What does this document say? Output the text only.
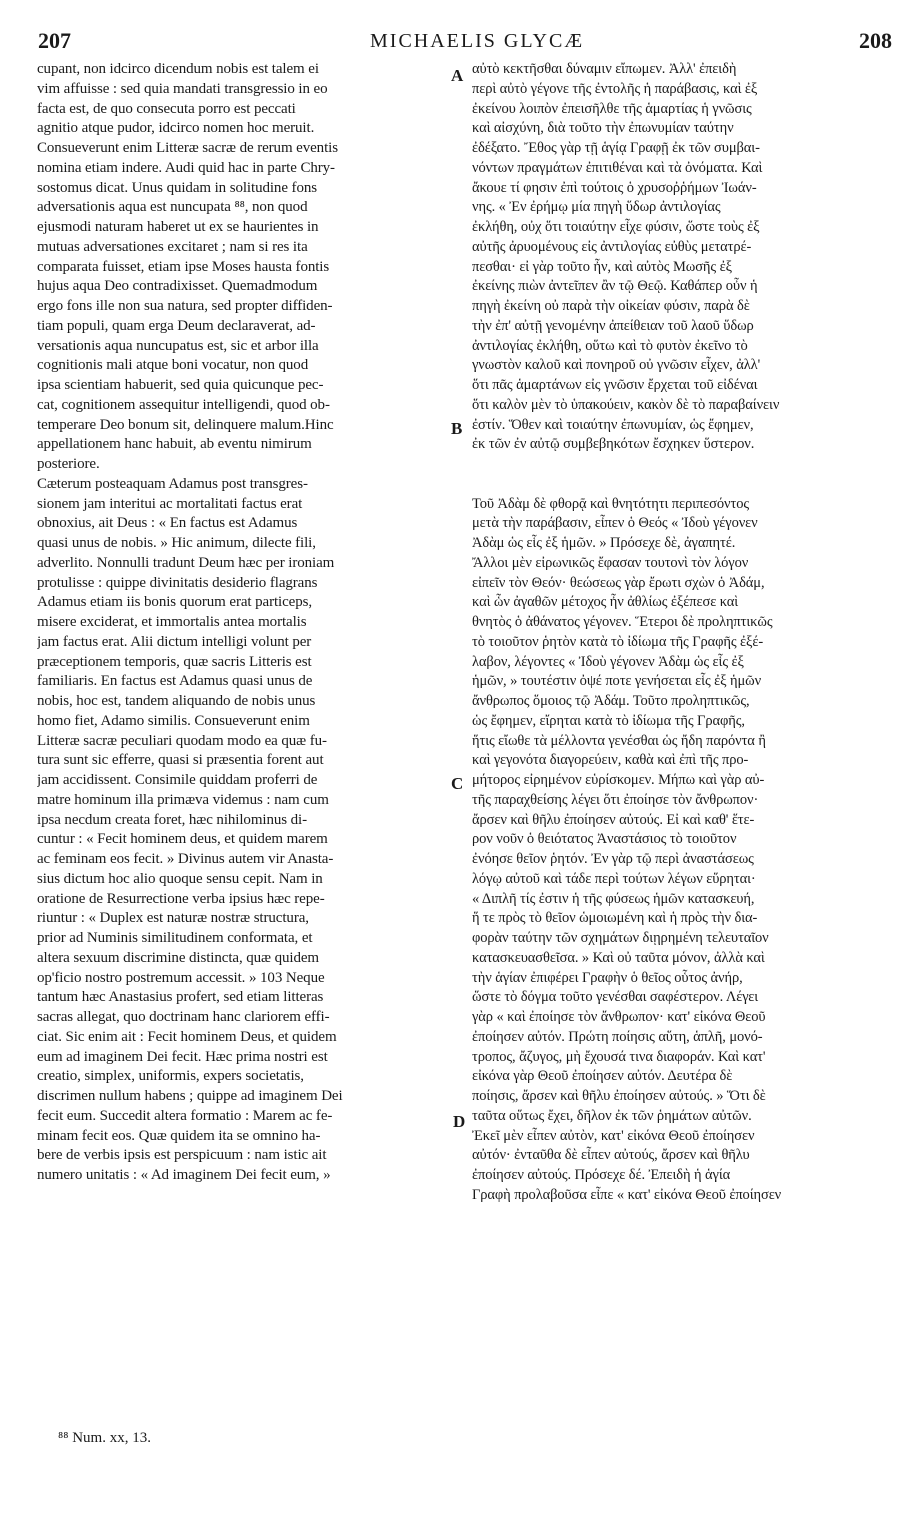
207	MICHAELIS GLYCÆ	208
cupant, non idcirco dicendum nobis est talem ei
vim affuisse : sed quia mandati transgressio in eo
facta est, de quo consecuta porro est peccati
agnitio atque pudor, idcirco nomen hoc meruit.
Consueverunt enim Litteræ sacræ de rerum eventis
nomina etiam indere. Audi quid hac in parte Chry-
sostomus dicat. Unus quidam in solitudine fons
adversationis aqua est nuncupata ⁸⁸, non quod
ejusmodi naturam haberet ut ex se haurientes in
mutuas adversationes excitaret ; nam si res ita
comparata fuisset, etiam ipse Moses hausta fontis
hujus aqua Deo contradixisset. Quemadmodum
ergo fons ille non sua natura, sed propter diffiden-
tiam populi, quam erga Deum declaraverat, ad-
versationis aqua nuncupatus est, sic et arbor illa
cognitionis mali atque boni vocatur, non quod
ipsa scientiam habuerit, sed quia quicunque pec-
cat, cognitionem assequitur intelligendi, quod ob-
temperare Deo bonum sit, delinquere malum.Hinc
appellationem hanc habuit, ab eventu nimirum
posteriore.
Cæterum posteaquam Adamus post transgres-
sionem jam interitui ac mortalitati factus erat
obnoxius, ait Deus : « En factus est Adamus
quasi unus de nobis. » Hic animum, dilecte fili,
adverlito. Nonnulli tradunt Deum hæc per ironiam
protulisse : quippe divinitatis desiderio flagrans
Adamus etiam iis bonis quorum erat particeps,
misere exciderat, et immortalis antea mortalis
jam factus erat. Alii dictum intelligi volunt per
præceptionem temporis, quæ sacris Litteris est
familiaris. En factus est Adamus quasi unus de
nobis, hoc est, tandem aliquando de nobis unus
homo fiet, Adamo similis. Consueverunt enim
Litteræ sacræ peculiari quodam modo ea quæ fu-
tura sunt sic efferre, quasi si præsentia forent aut
jam accidissent. Consimile quiddam proferri de
matre hominum illa primæva videmus : nam cum
ipsa necdum creata foret, hæc nihilominus di-
cuntur : « Fecit hominem deus, et quidem marem
ac feminam eos fecit. » Divinus autem vir Anasta-
sius dictum hoc alio quoque sensu cepit. Nam in
oratione de Resurrectione verba ipsius hæc repe-
riuntur : « Duplex est naturæ nostræ structura,
prior ad Numinis similitudinem conformata, et
altera sexuum discrimine distincta, quæ quidem
op'ficio nostro postremum accessit. » 103 Neque
tantum hæc Anastasius profert, sed etiam litteras
sacras allegat, quo doctrinam hanc clariorem effi-
ciat. Sic enim ait : Fecit hominem Deus, et quidem
eum ad imaginem Dei fecit. Hæc prima nostri est
creatio, simplex, uniformis, expers societatis,
discrimen nullum habens ; quippe ad imaginem Dei
fecit eum. Succedit altera formatio : Marem ac fe-
minam fecit eos. Quæ quidem ita se omnino ha-
bere de verbis ipsis est perspicuum : nam istic ait
numero unitatis : « Ad imaginem Dei fecit eum, »
αὐτὸ κεκτῆσθαι δύναμιν εἴπωμεν. Ἀλλ' ἐπειδὴ
περὶ αὐτὸ γέγονε τῆς ἐντολῆς ἡ παράβασις, καὶ ἐξ
ἐκείνου λοιπὸν ἐπεισῆλθε τῆς ἁμαρτίας ἡ γνῶσις
καὶ αἰσχύνη, διὰ τοῦτο τὴν ἐπωνυμίαν ταύτην
ἐδέξατο. Ἔθος γὰρ τῇ ἁγίᾳ Γραφῇ ἐκ τῶν συμβαι-
νόντων πραγμάτων ἐπιτιθέναι καὶ τὰ ὀνόματα. Καὶ
ἄκουε τί φησιν ἐπὶ τούτοις ὁ χρυσοῤῥήμων Ἰωάν-
νης. « Ἐν ἐρήμῳ μία πηγὴ ὕδωρ ἀντιλογίας
ἐκλήθη, οὐχ ὅτι τοιαύτην εἶχε φύσιν, ὥστε τοὺς ἐξ
αὐτῆς ἀρυομένους εἰς ἀντιλογίας εὐθὺς μετατρέ-
πεσθαι· εἰ γὰρ τοῦτο ἦν, καὶ αὐτὸς Μωσῆς ἐξ
ἐκείνης πιὼν ἀντεῖπεν ἂν τῷ Θεῷ. Καθάπερ οὖν ἡ
πηγὴ ἐκείνη οὐ παρὰ τὴν οἰκείαν φύσιν, παρὰ δὲ
τὴν ἐπ' αὐτῇ γενομένην ἀπείθειαν τοῦ λαοῦ ὕδωρ
ἀντιλογίας ἐκλήθη, οὕτω καὶ τὸ φυτὸν ἐκεῖνο τὸ
γνωστὸν καλοῦ καὶ πονηροῦ οὐ γνῶσιν εἶχεν, ἀλλ'
ὅτι πᾶς ἁμαρτάνων εἰς γνῶσιν ἔρχεται τοῦ εἰδέναι
ὅτι καλὸν μὲν τὸ ὑπακούειν, κακὸν δὲ τὸ παραβαίνειν
ἐστίν. Ὅθεν καὶ τοιαύτην ἐπωνυμίαν, ὡς ἔφημεν,
ἐκ τῶν ἐν αὐτῷ συμβεβηκότων ἔσχηκεν ὕστερον.
Τοῦ Ἀδὰμ δὲ φθορᾷ καὶ θνητότητι περιπεσόντος
μετὰ τὴν παράβασιν, εἶπεν ὁ Θεός « Ἰδοὺ γέγονεν
Ἀδὰμ ὡς εἷς ἐξ ἡμῶν. » Πρόσεχε δὲ, ἀγαπητέ.
Ἄλλοι μὲν εἰρωνικῶς ἔφασαν τουτονὶ τὸν λόγον
εἰπεῖν τὸν Θεόν· θεώσεως γὰρ ἔρωτι σχὼν ὁ Ἀδάμ,
καὶ ὧν ἀγαθῶν μέτοχος ἦν ἀθλίως ἐξέπεσε καὶ
θνητὸς ὁ ἀθάνατος γέγονεν. Ἕτεροι δὲ προληπτικῶς
τὸ τοιοῦτον ῥητὸν κατὰ τὸ ἰδίωμα τῆς Γραφῆς ἐξέ-
λαβον, λέγοντες « Ἰδοὺ γέγονεν Ἀδὰμ ὡς εἷς ἐξ
ἡμῶν, » τουτέστιν ὀψέ ποτε γενήσεται εἷς ἐξ ἡμῶν
ἄνθρωπος ὅμοιος τῷ Ἀδάμ. Τοῦτο προληπτικῶς,
ὡς ἔφημεν, εἴρηται κατὰ τὸ ἰδίωμα τῆς Γραφῆς,
ἥτις εἴωθε τὰ μέλλοντα γενέσθαι ὡς ἤδη παρόντα ἢ
καὶ γεγονότα διαγορεύειν, καθὰ καὶ ἐπὶ τῆς προ-
μήτορος εἰρημένον εὑρίσκομεν. Μήπω καὶ γὰρ αὐ-
τῆς παραχθείσης λέγει ὅτι ἐποίησε τὸν ἄνθρωπον·
ἄρσεν καὶ θῆλυ ἐποίησεν αὐτούς. Εἰ καὶ καθ' ἕτε-
ρον νοῦν ὁ θειότατος Ἀναστάσιος τὸ τοιοῦτον
ἐνόησε θεῖον ῥητόν. Ἐν γὰρ τῷ περὶ ἀναστάσεως
λόγῳ αὐτοῦ καὶ τάδε περὶ τούτων λέγων εὕρηται·
« Διπλῆ τίς ἐστιν ἡ τῆς φύσεως ἡμῶν κατασκευή,
ἥ τε πρὸς τὸ θεῖον ὡμοιωμένη καὶ ἡ πρὸς τὴν δια-
φορὰν ταύτην τῶν σχημάτων διῃρημένη τελευταῖον
κατασκευασθεῖσα. » Καὶ οὐ ταῦτα μόνον, ἀλλὰ καὶ
τὴν ἁγίαν ἐπιφέρει Γραφὴν ὁ θεῖος οὗτος ἀνήρ,
ὥστε τὸ δόγμα τοῦτο γενέσθαι σαφέστερον. Λέγει
γὰρ « καὶ ἐποίησε τὸν ἄνθρωπον· κατ' εἰκόνα Θεοῦ
ἐποίησεν αὐτόν. Πρώτη ποίησις αὕτη, ἁπλῆ, μονό-
τροπος, ἄζυγος, μὴ ἔχουσά τινα διαφοράν. Καὶ κατ'
εἰκόνα γὰρ Θεοῦ ἐποίησεν αὐτόν. Δευτέρα δὲ
ποίησις, ἄρσεν καὶ θῆλυ ἐποίησεν αὐτούς. » Ὅτι δὲ
ταῦτα οὕτως ἔχει, δῆλον ἐκ τῶν ῥημάτων αὐτῶν.
Ἐκεῖ μὲν εἶπεν αὐτὸν, κατ' εἰκόνα Θεοῦ ἐποίησεν
αὐτόν· ἐνταῦθα δὲ εἶπεν αὐτούς, ἄρσεν καὶ θῆλυ
ἐποίησεν αὐτούς. Πρόσεχε δέ. Ἐπειδὴ ἡ ἁγία
Γραφὴ προλαβοῦσα εἶπε « κατ' εἰκόνα Θεοῦ ἐποίησεν
A
B
C
D
⁸⁸ Num. xx, 13.
